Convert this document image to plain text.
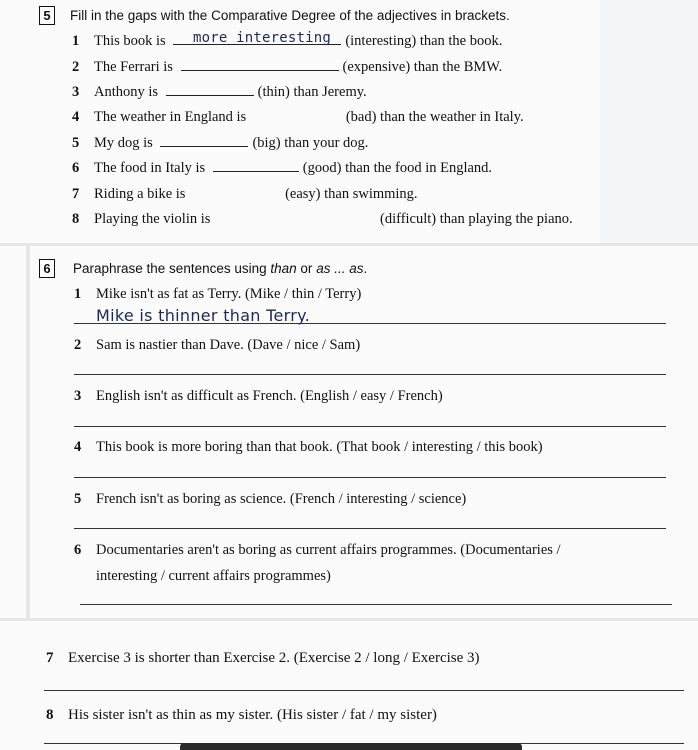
5	Fill in the gaps with the Comparative Degree of the adjectives in brackets.
1 This book is	(interesting) than the book.
more interesting
2 The Ferrari is	(expensive) than the BMW.
3 Anthony is	(thin) than Jeremy.
4 The weather in England is	(bad) than the weather in Italy.
5 My dog is	(big) than your dog.
6 The food in Italy is	(good) than the food in England.
7 Riding a bike is	(easy) than swimming.
8 Playing the violin is	(difficult) than playing the piano.
6	Paraphrase the sentences using than or as ... as.
1 Mike isn't as fat as Terry. (Mike / thin / Terry)
Mike is thinner than Terry.
2 Sam is nastier than Dave. (Dave / nice / Sam)
3 English isn't as difficult as French. (English / easy / French)
4 This book is more boring than that book. (That book / interesting / this book)
5 French isn't as boring as science. (French / interesting / science)
6 Documentaries aren't as boring as current affairs programmes. (Documentaries /
interesting / current affairs programmes)
7 Exercise 3 is shorter than Exercise 2. (Exercise 2 / long / Exercise 3)
8 His sister isn't as thin as my sister. (His sister / fat / my sister)
